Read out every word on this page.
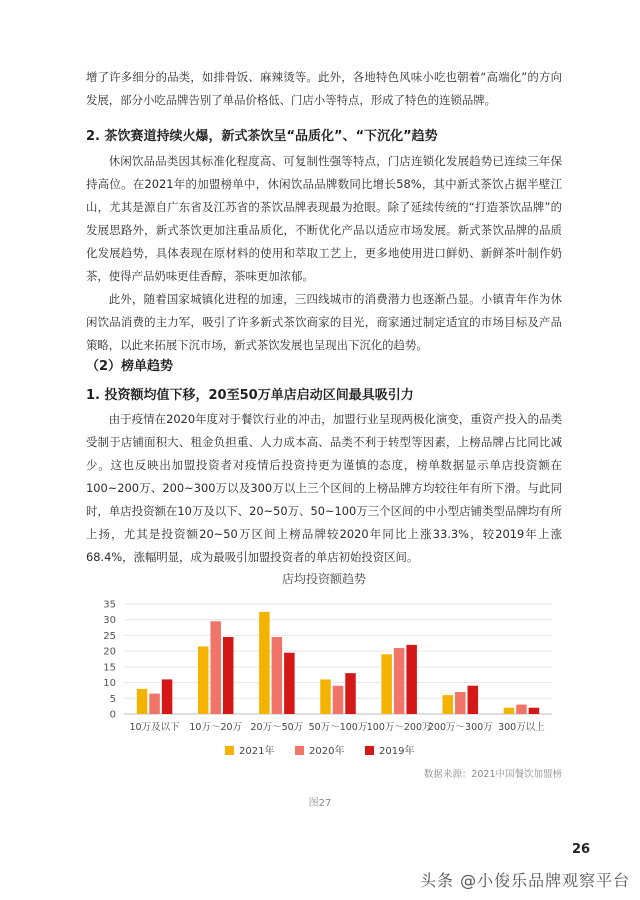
增了许多细分的品类，如排骨饭、麻辣烫等。此外，各地特色风味小吃也朝着“高端化”的方向发展，部分小吃品牌告别了单品价格低、门店小等特点，形成了特色的连锁品牌。

2. 茶饮赛道持续火爆，新式茶饮呈“品质化”、“下沉化”趋势

休闲饮品品类因其标准化程度高、可复制性强等特点，门店连锁化发展趋势已连续三年保持高位。在2021年的加盟榜单中，休闲饮品品牌数同比增长58%，其中新式茶饮占据半壁江山，尤其是源自广东省及江苏省的茶饮品牌表现最为抢眼。除了延续传统的“打造茶饮品牌”的发展思路外，新式茶饮更加注重品质化，不断优化产品以适应市场发展。新式茶饮品牌的品质化发展趋势，具体表现在原材料的使用和萃取工艺上，更多地使用进口鲜奶、新鲜茶叶制作奶茶，使得产品奶味更佳香醇，茶味更加浓郁。

此外，随着国家城镇化进程的加速，三四线城市的消费潜力也逐渐凸显。小镇青年作为休闲饮品消费的主力军，吸引了许多新式茶饮商家的目光，商家通过制定适宜的市场目标及产品策略，以此来拓展下沉市场，新式茶饮发展也呈现出下沉化的趋势。

（2）榜单趋势
1. 投资额均值下移，20至50万单店启动区间最具吸引力

由于疫情在2020年度对于餐饮行业的冲击，加盟行业呈现两极化演变，重资产投入的品类受制于店铺面积大、租金负担重、人力成本高、品类不利于转型等因素，上榜品牌占比同比减少。这也反映出加盟投资者对疫情后投资持更为谨慎的态度，榜单数据显示单店投资额在100~200万、200~300万以及300万以上三个区间的上榜品牌方均较往年有所下滑。与此同时，单店投资额在10万及以下、20~50万、50~100万三个区间的中小型店铺类型品牌均有所上扬，尤其是投资额20~50万区间上榜品牌较2020年同比上涨33.3%，较2019年上涨68.4%，涨幅明显，成为最吸引加盟投资者的单店初始投资区间。

店均投资额趋势
0
5
10
15
20
25
30
35
10万及以下 10万～20万 20万～50万 50万～100万 100万～200万
200万～300万 300万以上
2021年	2020年	2019年
数据来源：2021中国餐饮加盟榜
图27
26
头条 @小俊乐品牌观察平台
